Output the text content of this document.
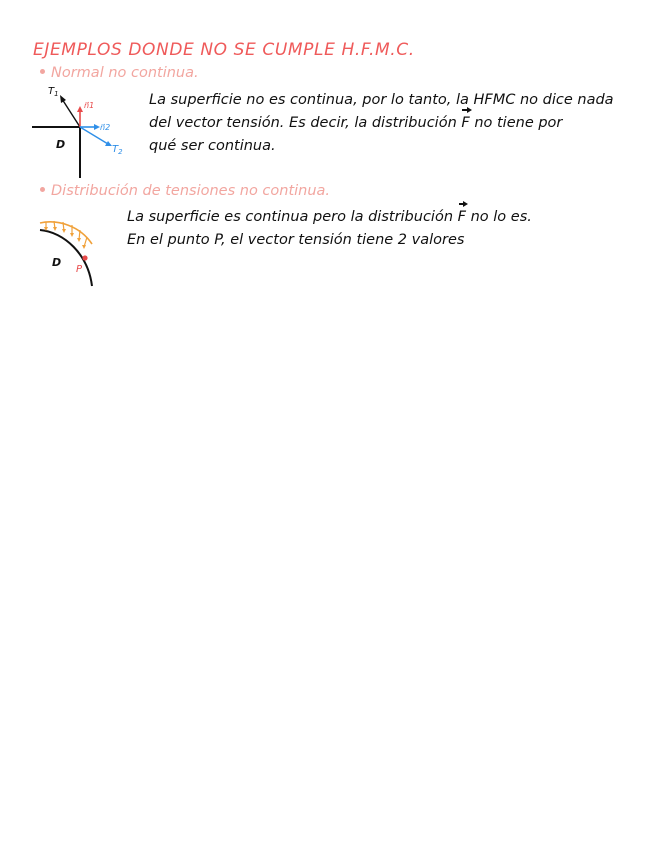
EJEMPLOS DONDE NO SE CUMPLE H.F.M.C.
Normal no continua.
$T_1$
n⃗1
n⃗2
$T_2$
D
La superficie no es continua, por lo tanto, la HFMC no dice nada
del vector tensión. Es decir, la distribución F no tiene por
qué ser continua.
Distribución de tensiones no continua.
P
D
La superficie es continua pero la distribución F no lo es.
En el punto P, el vector tensión tiene 2 valores
